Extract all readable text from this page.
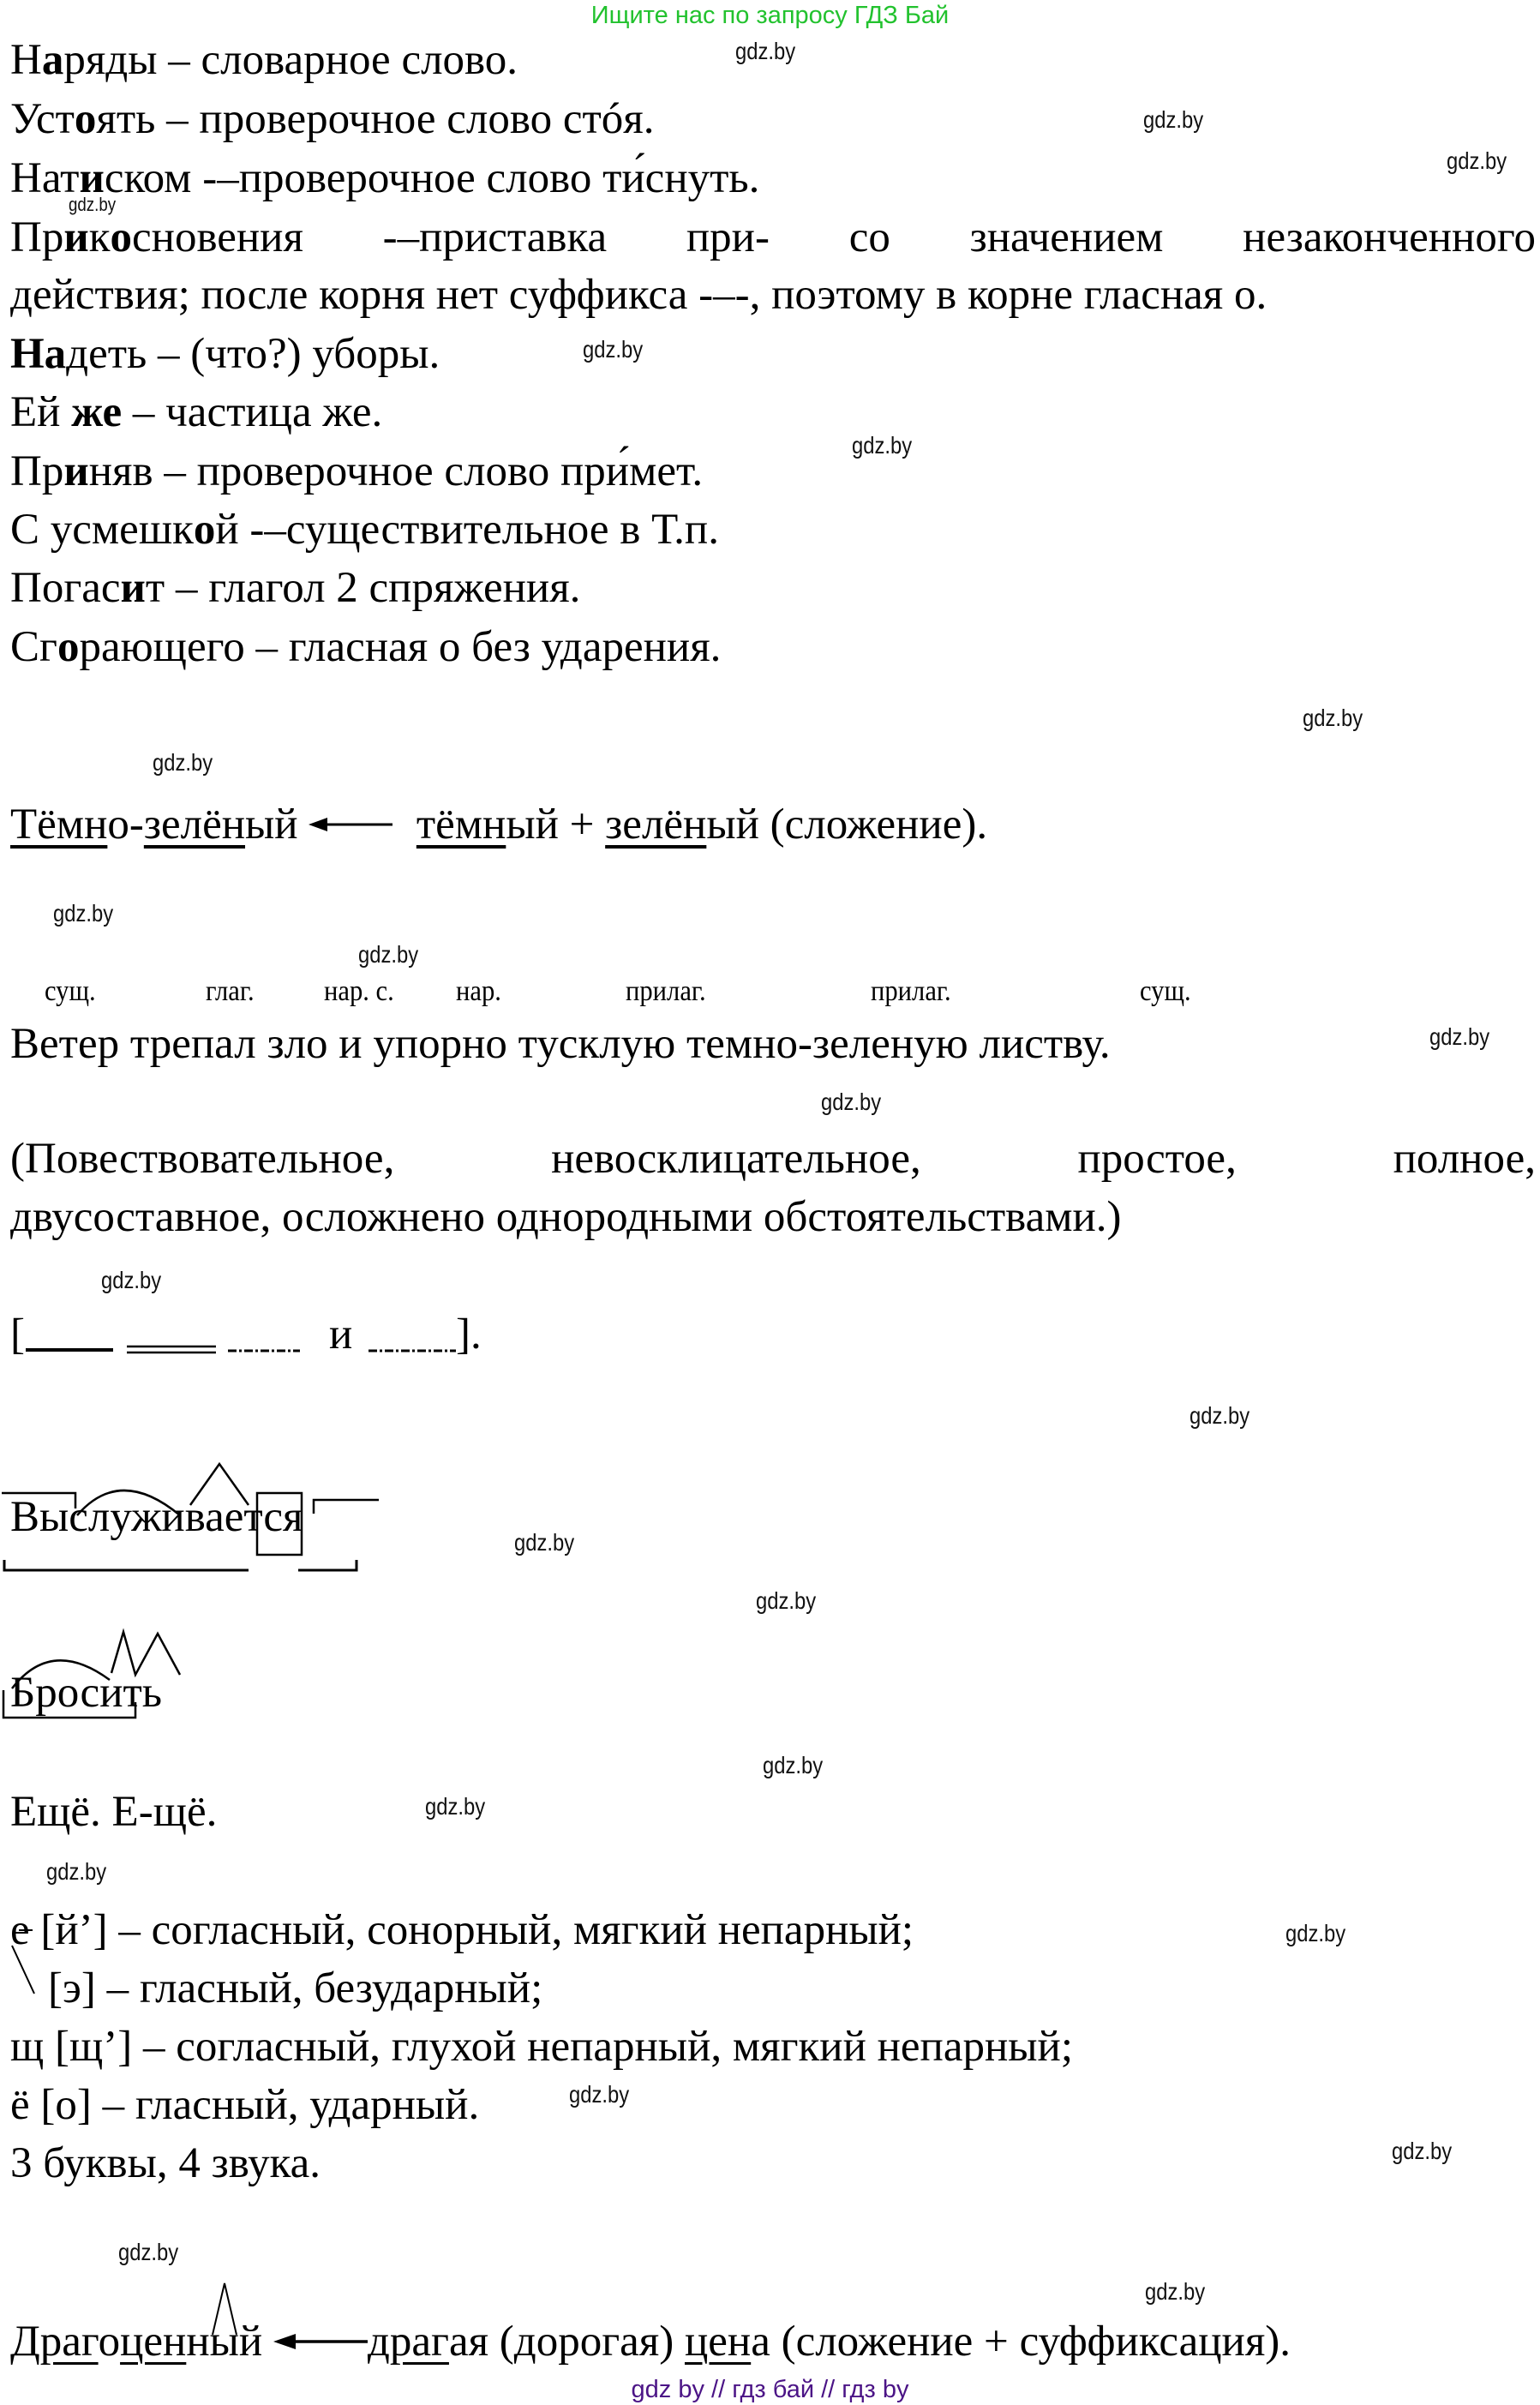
Ищите нас по запросу ГДЗ Бай
Наряды – словарное слово.
Устоять – проверочное слово стóя.
Натиском -–проверочное слово ти́снуть.
Прикосновения -–приставка при- со значением незаконченного
действия; после корня нет суффикса -–-, поэтому в корне гласная о.
Надеть – (что?) уборы.
Ей же – частица же.
Приняв – проверочное слово при́мет.
С усмешкой -–существительное в Т.п.
Погасит – глагол 2 спряжения.
Сгорающего – гласная о без ударения.
Тёмно-зелёный	тёмный + зелёный (сложение).
сущ.	глаг. нар. с. нар.	прилаг.	прилаг.	сущ.
Ветер трепал зло и упорно тусклую темно-зеленую листву.
(Повествовательное,	невосклицательное,	простое,	полное,
двусоставное, осложнено однородными обстоятельствами.)
[	и ].
Выслуживается
Бросить
Ещё. Е-щё.
е [й’] – согласный, сонорный, мягкий непарный;
[э] – гласный, безударный;
щ [щ’] – согласный, глухой непарный, мягкий непарный;
ё [о] – гласный, ударный.
3 буквы, 4 звука.
Драгоценный драгая (дорогая) цена (сложение + суффиксация).
gdz.by
gdz.by
gdz.by
gdz.by
gdz.by
gdz.by
gdz.by
gdz.by
gdz.by
gdz.by
gdz.by
gdz.by
gdz.by
gdz.by
gdz.by
gdz.by
gdz.by
gdz.by
gdz.by
gdz.by
gdz.by
gdz.by
gdz.by
gdz.by
gdz by // гдз бай // гдз by
